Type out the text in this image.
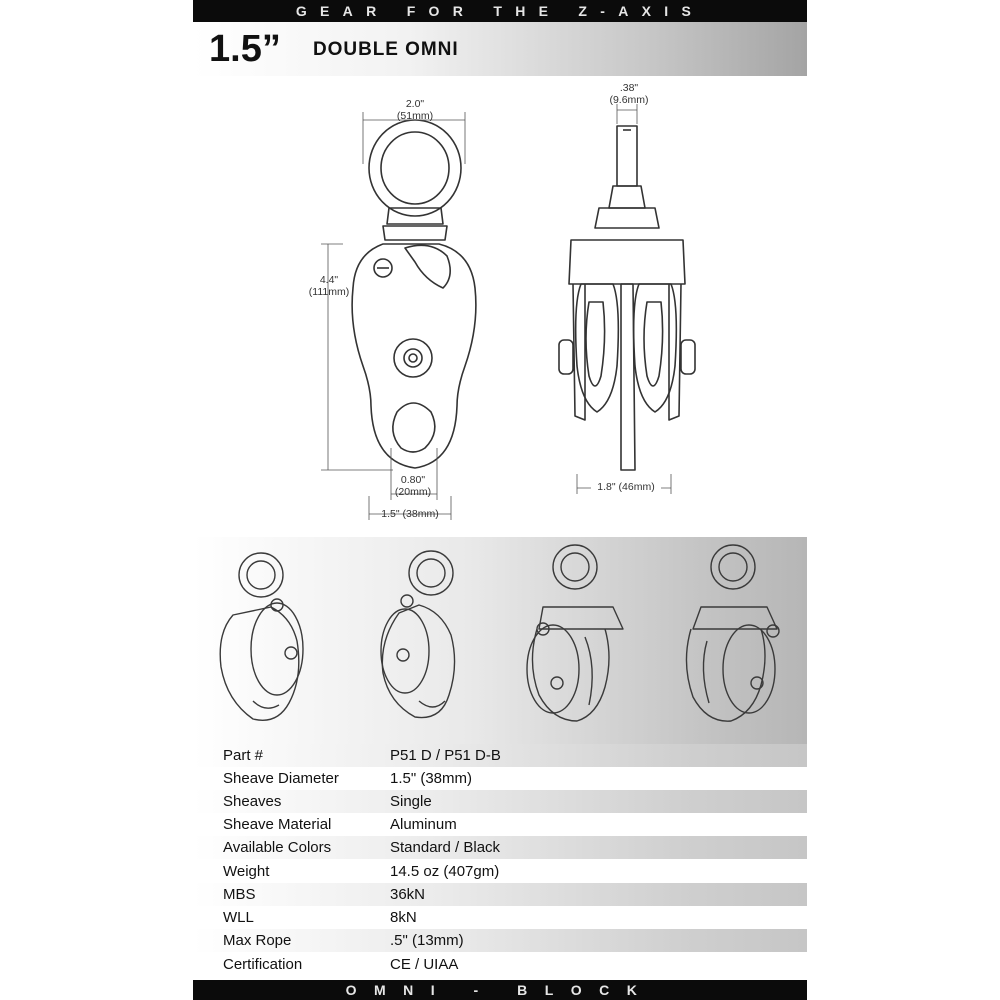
GEAR FOR THE Z-AXIS
1.5” DOUBLE OMNI
2.0"
(51mm)
4.4"
(111mm)
0.80"
(20mm)
1.5" (38mm)
.38"
(9.6mm)
1.8" (46mm)
Part #	P51 D / P51 D-B
Sheave Diameter	1.5" (38mm)
Sheaves	Single
Sheave Material	Aluminum
Available Colors	Standard / Black
Weight	14.5 oz (407gm)
MBS	36kN
WLL	8kN
Max Rope	.5" (13mm)
Certification	CE / UIAA
OMNI - BLOCK
